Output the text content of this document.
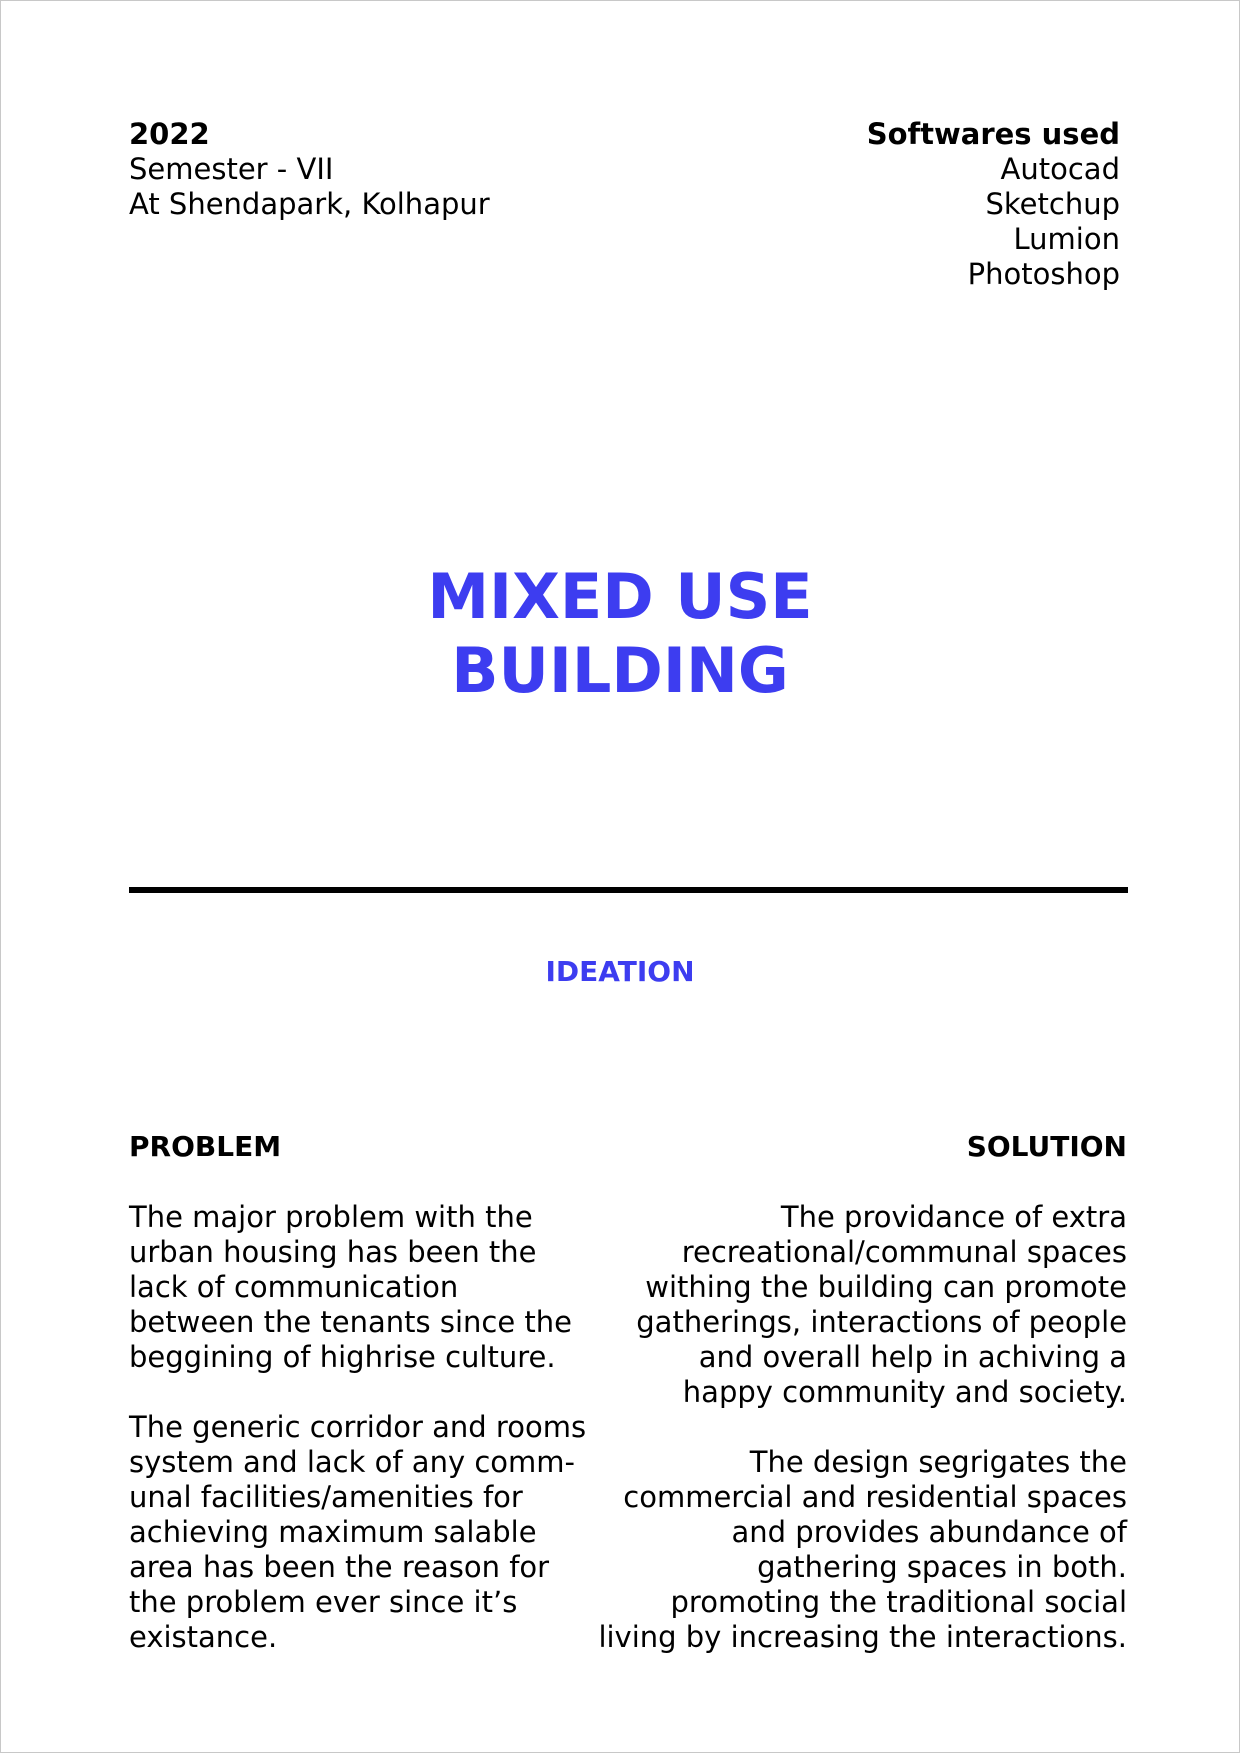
2022
Semester - VII
At Shendapark, Kolhapur
Softwares used
Autocad
Sketchup
Lumion
Photoshop
MIXED USE
BUILDING
IDEATION
PROBLEM	SOLUTION
The major problem with the
urban housing has been the
lack of communication
between the tenants since the
beggining of highrise culture.
The generic corridor and rooms
system and lack of any comm-
unal facilities/amenities for
achieving maximum salable
area has been the reason for
the problem ever since it’s
existance.
The providance of extra
recreational/communal spaces
withing the building can promote
gatherings, interactions of people
and overall help in achiving a
happy community and society.
The design segrigates the
commercial and residential spaces
and provides abundance of
gathering spaces in both.
promoting the traditional social
living by increasing the interactions.
